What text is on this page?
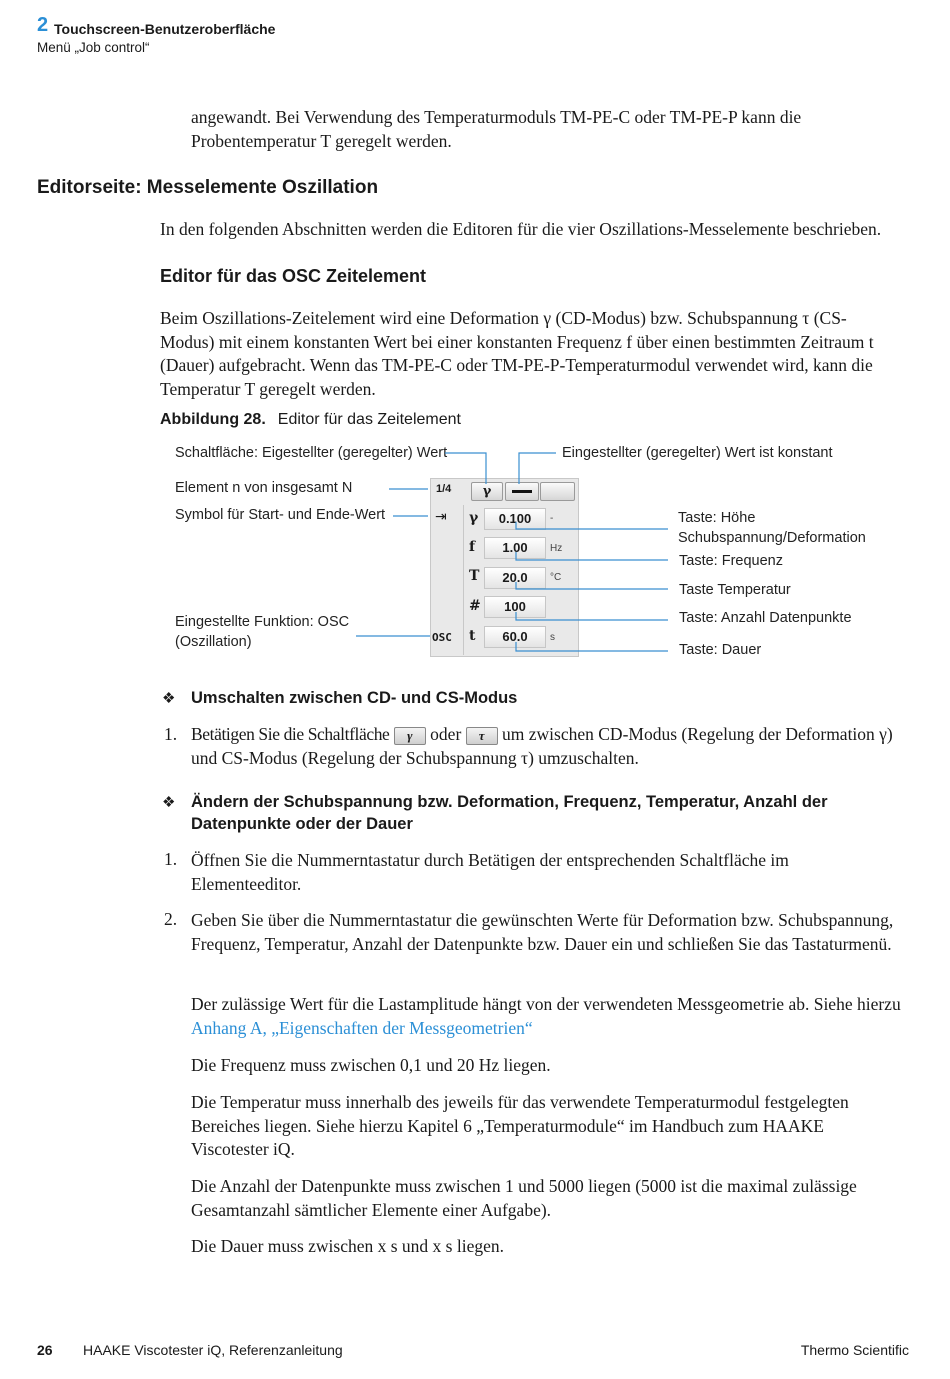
2 Touchscreen-Benutzeroberfläche
Menü „Job control“

angewandt. Bei Verwendung des Temperaturmoduls TM-PE-C oder TM-PE-P kann die Probentemperatur T geregelt werden.

Editorseite: Messelemente Oszillation

In den folgenden Abschnitten werden die Editoren für die vier Oszillations-Messelemente beschrieben.

Editor für das OSC Zeitelement

Beim Oszillations-Zeitelement wird eine Deformation γ (CD-Modus) bzw. Schubspannung τ (CS-Modus) mit einem konstanten Wert bei einer konstanten Frequenz f über einen bestimmten Zeitraum t (Dauer) aufgebracht. Wenn das TM-PE-C oder TM-PE-P-Temperaturmodul verwendet wird, kann die Temperatur T geregelt werden.

Abbildung 28. Editor für das Zeitelement
Schaltfläche: Eigestellter (geregelter) Wert	Eingestellter (geregelter) Wert ist konstant
Element n von insgesamt N
Symbol für Start- und Ende-Wert	Taste: Höhe Schubspannung/Deformation
Taste: Frequenz
Taste Temperatur
Taste: Anzahl Datenpunkte
Taste: Dauer
Eingestellte Funktion: OSC (Oszillation)
1/4	γ
⇥ γ	0.100	-
f	1.00	Hz
T	20.0	°C
#	100
t	60.0	s
OSC
❖ Umschalten zwischen CD- und CS-Modus
1. Betätigen Sie die Schaltfläche γ oder τ um zwischen CD-Modus (Regelung der Deformation γ) und CS-Modus (Regelung der Schubspannung τ) umzuschalten.
❖ Ändern der Schubspannung bzw. Deformation, Frequenz, Temperatur, Anzahl der Datenpunkte oder der Dauer
1. Öffnen Sie die Nummerntastatur durch Betätigen der entsprechenden Schaltfläche im Elementeeditor.

2. Geben Sie über die Nummerntastatur die gewünschten Werte für Deformation bzw. Schubspannung, Frequenz, Temperatur, Anzahl der Datenpunkte bzw. Dauer ein und schließen Sie das Tastaturmenü.

Der zulässige Wert für die Lastamplitude hängt von der verwendeten Messgeometrie ab. Siehe hierzu Anhang A, „Eigenschaften der Messgeometrien“

Die Frequenz muss zwischen 0,1 und 20 Hz liegen.

Die Temperatur muss innerhalb des jeweils für das verwendete Temperaturmodul festgelegten Bereiches liegen. Siehe hierzu Kapitel 6 „Temperaturmodule“ im Handbuch zum HAAKE Viscotester iQ.

Die Anzahl der Datenpunkte muss zwischen 1 und 5000 liegen (5000 ist die maximal zulässige Gesamtanzahl sämtlicher Elemente einer Aufgabe).

Die Dauer muss zwischen x s und x s liegen.

26 HAAKE Viscotester iQ, Referenzanleitung	Thermo Scientific
